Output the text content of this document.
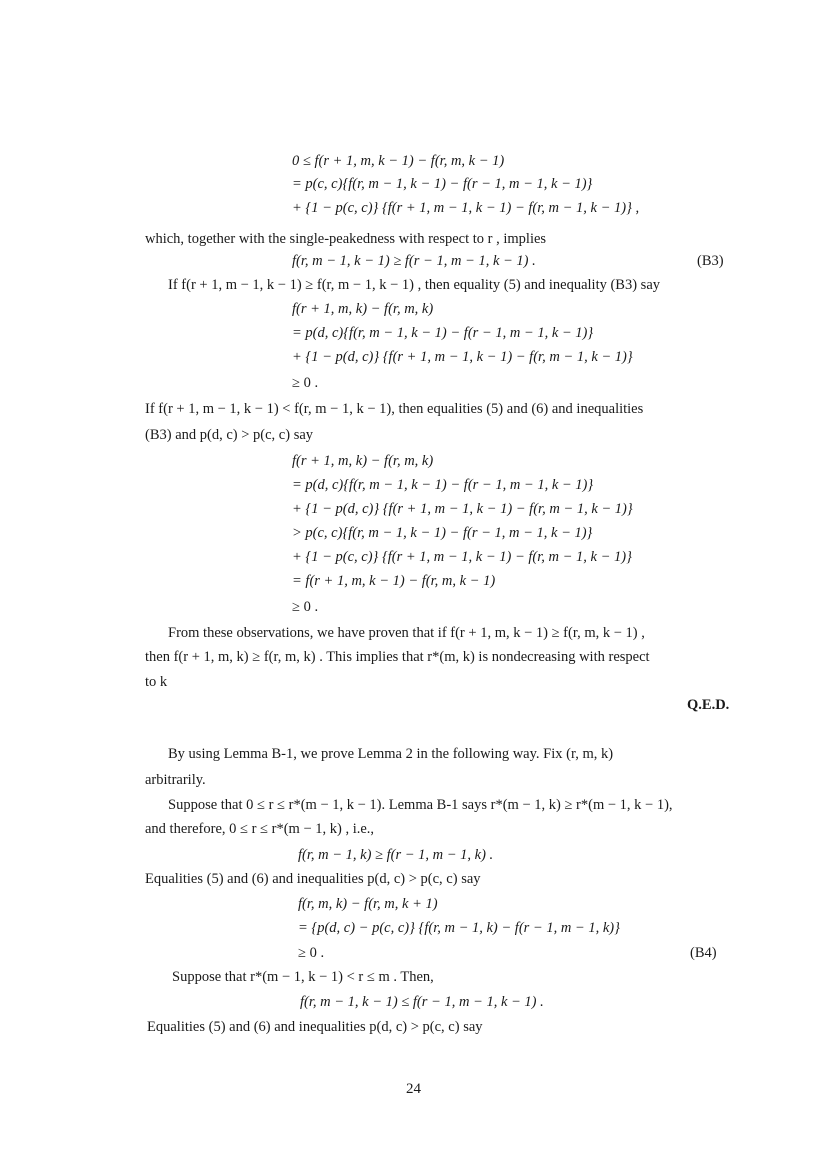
0 ≤ f(r + 1, m, k − 1) − f(r, m, k − 1)
= p(c, c){f(r, m − 1, k − 1) − f(r − 1, m − 1, k − 1)}
+ {1 − p(c, c)} {f(r + 1, m − 1, k − 1) − f(r, m − 1, k − 1)} ,
which, together with the single-peakedness with respect to r , implies
f(r, m − 1, k − 1) ≥ f(r − 1, m − 1, k − 1) .
If f(r + 1, m − 1, k − 1) ≥ f(r, m − 1, k − 1) , then equality (5) and inequality (B3) say
f(r + 1, m, k) − f(r, m, k)
= p(d, c){f(r, m − 1, k − 1) − f(r − 1, m − 1, k − 1)}
+ {1 − p(d, c)} {f(r + 1, m − 1, k − 1) − f(r, m − 1, k − 1)}
≥ 0 .
If f(r + 1, m − 1, k − 1) < f(r, m − 1, k − 1), then equalities (5) and (6) and inequalities
(B3) and p(d, c) > p(c, c) say
f(r + 1, m, k) − f(r, m, k)
= p(d, c){f(r, m − 1, k − 1) − f(r − 1, m − 1, k − 1)}
+ {1 − p(d, c)} {f(r + 1, m − 1, k − 1) − f(r, m − 1, k − 1)}
> p(c, c){f(r, m − 1, k − 1) − f(r − 1, m − 1, k − 1)}
+ {1 − p(c, c)} {f(r + 1, m − 1, k − 1) − f(r, m − 1, k − 1)}
= f(r + 1, m, k − 1) − f(r, m, k − 1)
≥ 0 .
From these observations, we have proven that if f(r + 1, m, k − 1) ≥ f(r, m, k − 1) ,
then f(r + 1, m, k) ≥ f(r, m, k) . This implies that r*(m, k) is nondecreasing with respect
to k
By using Lemma B-1, we prove Lemma 2 in the following way. Fix (r, m, k)
arbitrarily.
Suppose that 0 ≤ r ≤ r*(m − 1, k − 1). Lemma B-1 says r*(m − 1, k) ≥ r*(m − 1, k − 1),
and therefore, 0 ≤ r ≤ r*(m − 1, k) , i.e.,
f(r, m − 1, k) ≥ f(r − 1, m − 1, k) .
Equalities (5) and (6) and inequalities p(d, c) > p(c, c) say
f(r, m, k) − f(r, m, k + 1)
= {p(d, c) − p(c, c)} {f(r, m − 1, k) − f(r − 1, m − 1, k)}
≥ 0 .
Suppose that r*(m − 1, k − 1) < r ≤ m . Then,
f(r, m − 1, k − 1) ≤ f(r − 1, m − 1, k − 1) .
Equalities (5) and (6) and inequalities p(d, c) > p(c, c) say
(B3)
(B4)
Q.E.D.
24
